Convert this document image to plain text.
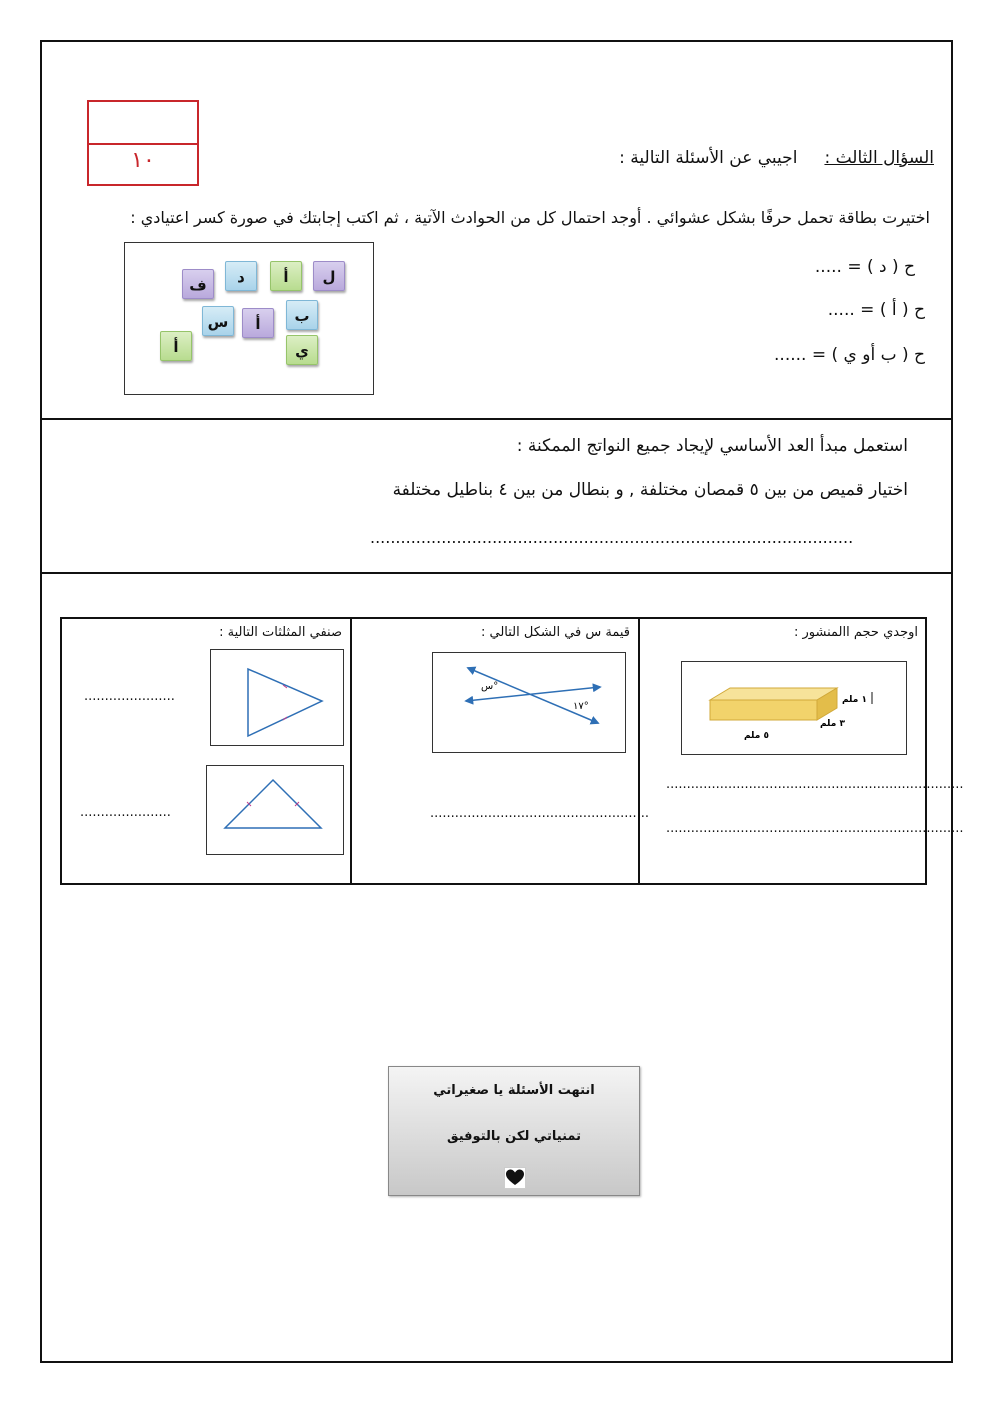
١٠	السؤال الثالث :     اجيبي عن الأسئلة التالية :
اختيرت بطاقة تحمل حرفًا بشكل عشوائي . أوجد احتمال كل من الحوادث الآتية ، ثم اكتب إجابتك في صورة كسر اعتيادي :
ح ( د ) = .....
ح ( أ ) = .....
ح ( ب أو ي ) = ......
ل
أ
د
ف
ب
أ
س
ي
أ
استعمل مبدأ العد الأساسي لإيجاد جميع النواتج الممكنة :
اختيار قميص من بين ٥ قمصان مختلفة , و بنطال من بين ٤ بناطيل مختلفة
...............................................................................................
اوجدي حجم االمنشور :
١ ملم
٣ ملم
٥ ملم
........................................................................
........................................................................
قيمة س في الشكل التالي :
س°
١٧°
.....................................................
صنفي المثلثات التالية :
......................
......................
انتهت الأسئلة يا صغيراتي
تمنياتي لكن بالتوفيق
